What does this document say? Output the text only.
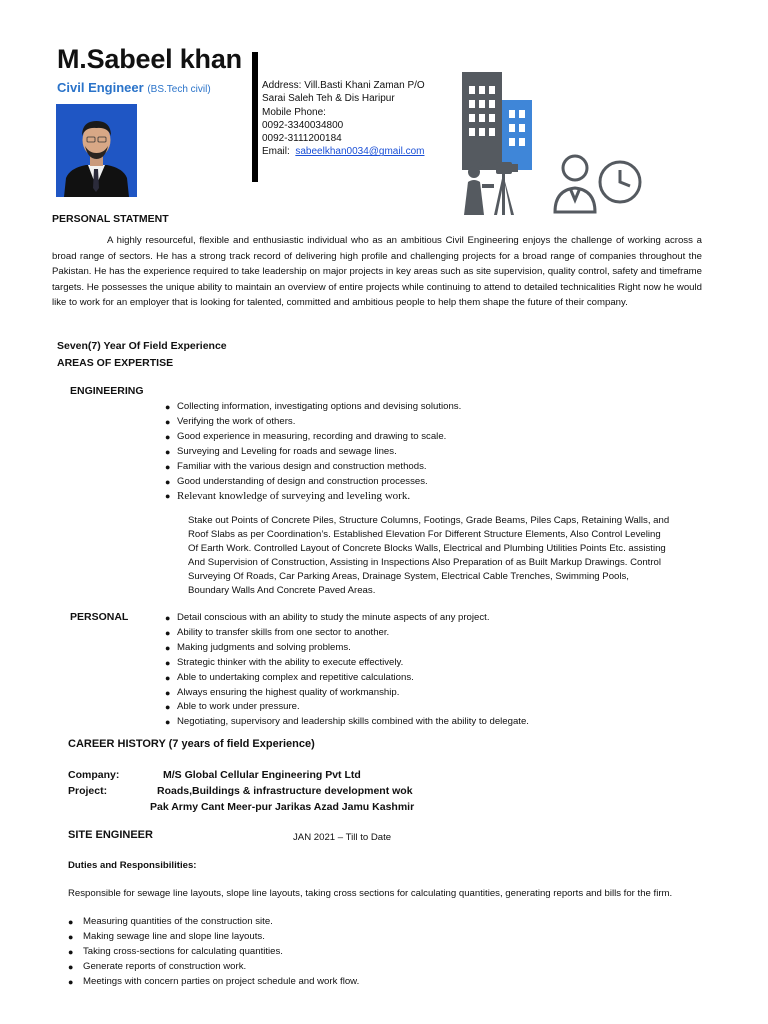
M.Sabeel khan
Civil Engineer (BS.Tech civil)	Address: Vill.Basti Khani Zaman P/O
Sarai Saleh Teh & Dis Haripur
Mobile Phone:
0092-3340034800
0092-3111200184
Email: sabeelkhan0034@gmail.com
PERSONAL STATMENT
A highly resourceful, flexible and enthusiastic individual who as an ambitious Civil Engineering enjoys the challenge of working across a broad range of sectors. He has a strong track record of delivering high profile and challenging projects for a broad range of companies throughout the Pakistan. He has the experience required to take leadership on major projects in key areas such as site supervision, quality control, safety and timeframe targets. He possesses the unique ability to maintain an overview of entire projects while continuing to attend to detailed technicalities Right now he would like to work for an employer that is looking for talented, committed and ambitious people to help them shape the future of their company.
Seven(7) Year Of Field Experience
AREAS OF EXPERTISE
ENGINEERING
● Collecting information, investigating options and devising solutions.
● Verifying the work of others.
● Good experience in measuring, recording and drawing to scale.
● Surveying and Leveling for roads and sewage lines.
● Familiar with the various design and construction methods.
● Good understanding of design and construction processes.
● Relevant knowledge of surveying and leveling work.
Stake out Points of Concrete Piles, Structure Columns, Footings, Grade Beams, Piles Caps, Retaining Walls, and Roof Slabs as per Coordination’s. Established Elevation For Different Structure Elements, Also Control Leveling Of Earth Work. Controlled Layout of Concrete Blocks Walls, Electrical and Plumbing Utilities Points Etc. assisting And Supervision of Construction, Assisting in Inspections Also Preparation of as Built Markup Drawings. Control Surveying Of Roads, Car Parking Areas, Drainage System, Electrical Cable Trenches, Swimming Pools, Boundary Walls And Concrete Paved Areas.
PERSONAL	● Detail conscious with an ability to study the minute aspects of any project.
● Ability to transfer skills from one sector to another.
● Making judgments and solving problems.
● Strategic thinker with the ability to execute effectively.
● Able to undertaking complex and repetitive calculations.
● Always ensuring the highest quality of workmanship.
● Able to work under pressure.
● Negotiating, supervisory and leadership skills combined with the ability to delegate.
CAREER HISTORY (7 years of field Experience)
Company:	M/S Global Cellular Engineering Pvt Ltd
Project:	Roads,Buildings & infrastructure development wok
Pak Army Cant Meer-pur Jarikas Azad Jamu Kashmir
SITE ENGINEER	JAN 2021 – Till to Date
Duties and Responsibilities:
Responsible for sewage line layouts, slope line layouts, taking cross sections for calculating quantities, generating reports and bills for the firm.
● Measuring quantities of the construction site.
● Making sewage line and slope line layouts.
● Taking cross-sections for calculating quantities.
● Generate reports of construction work.
● Meetings with concern parties on project schedule and work flow.
